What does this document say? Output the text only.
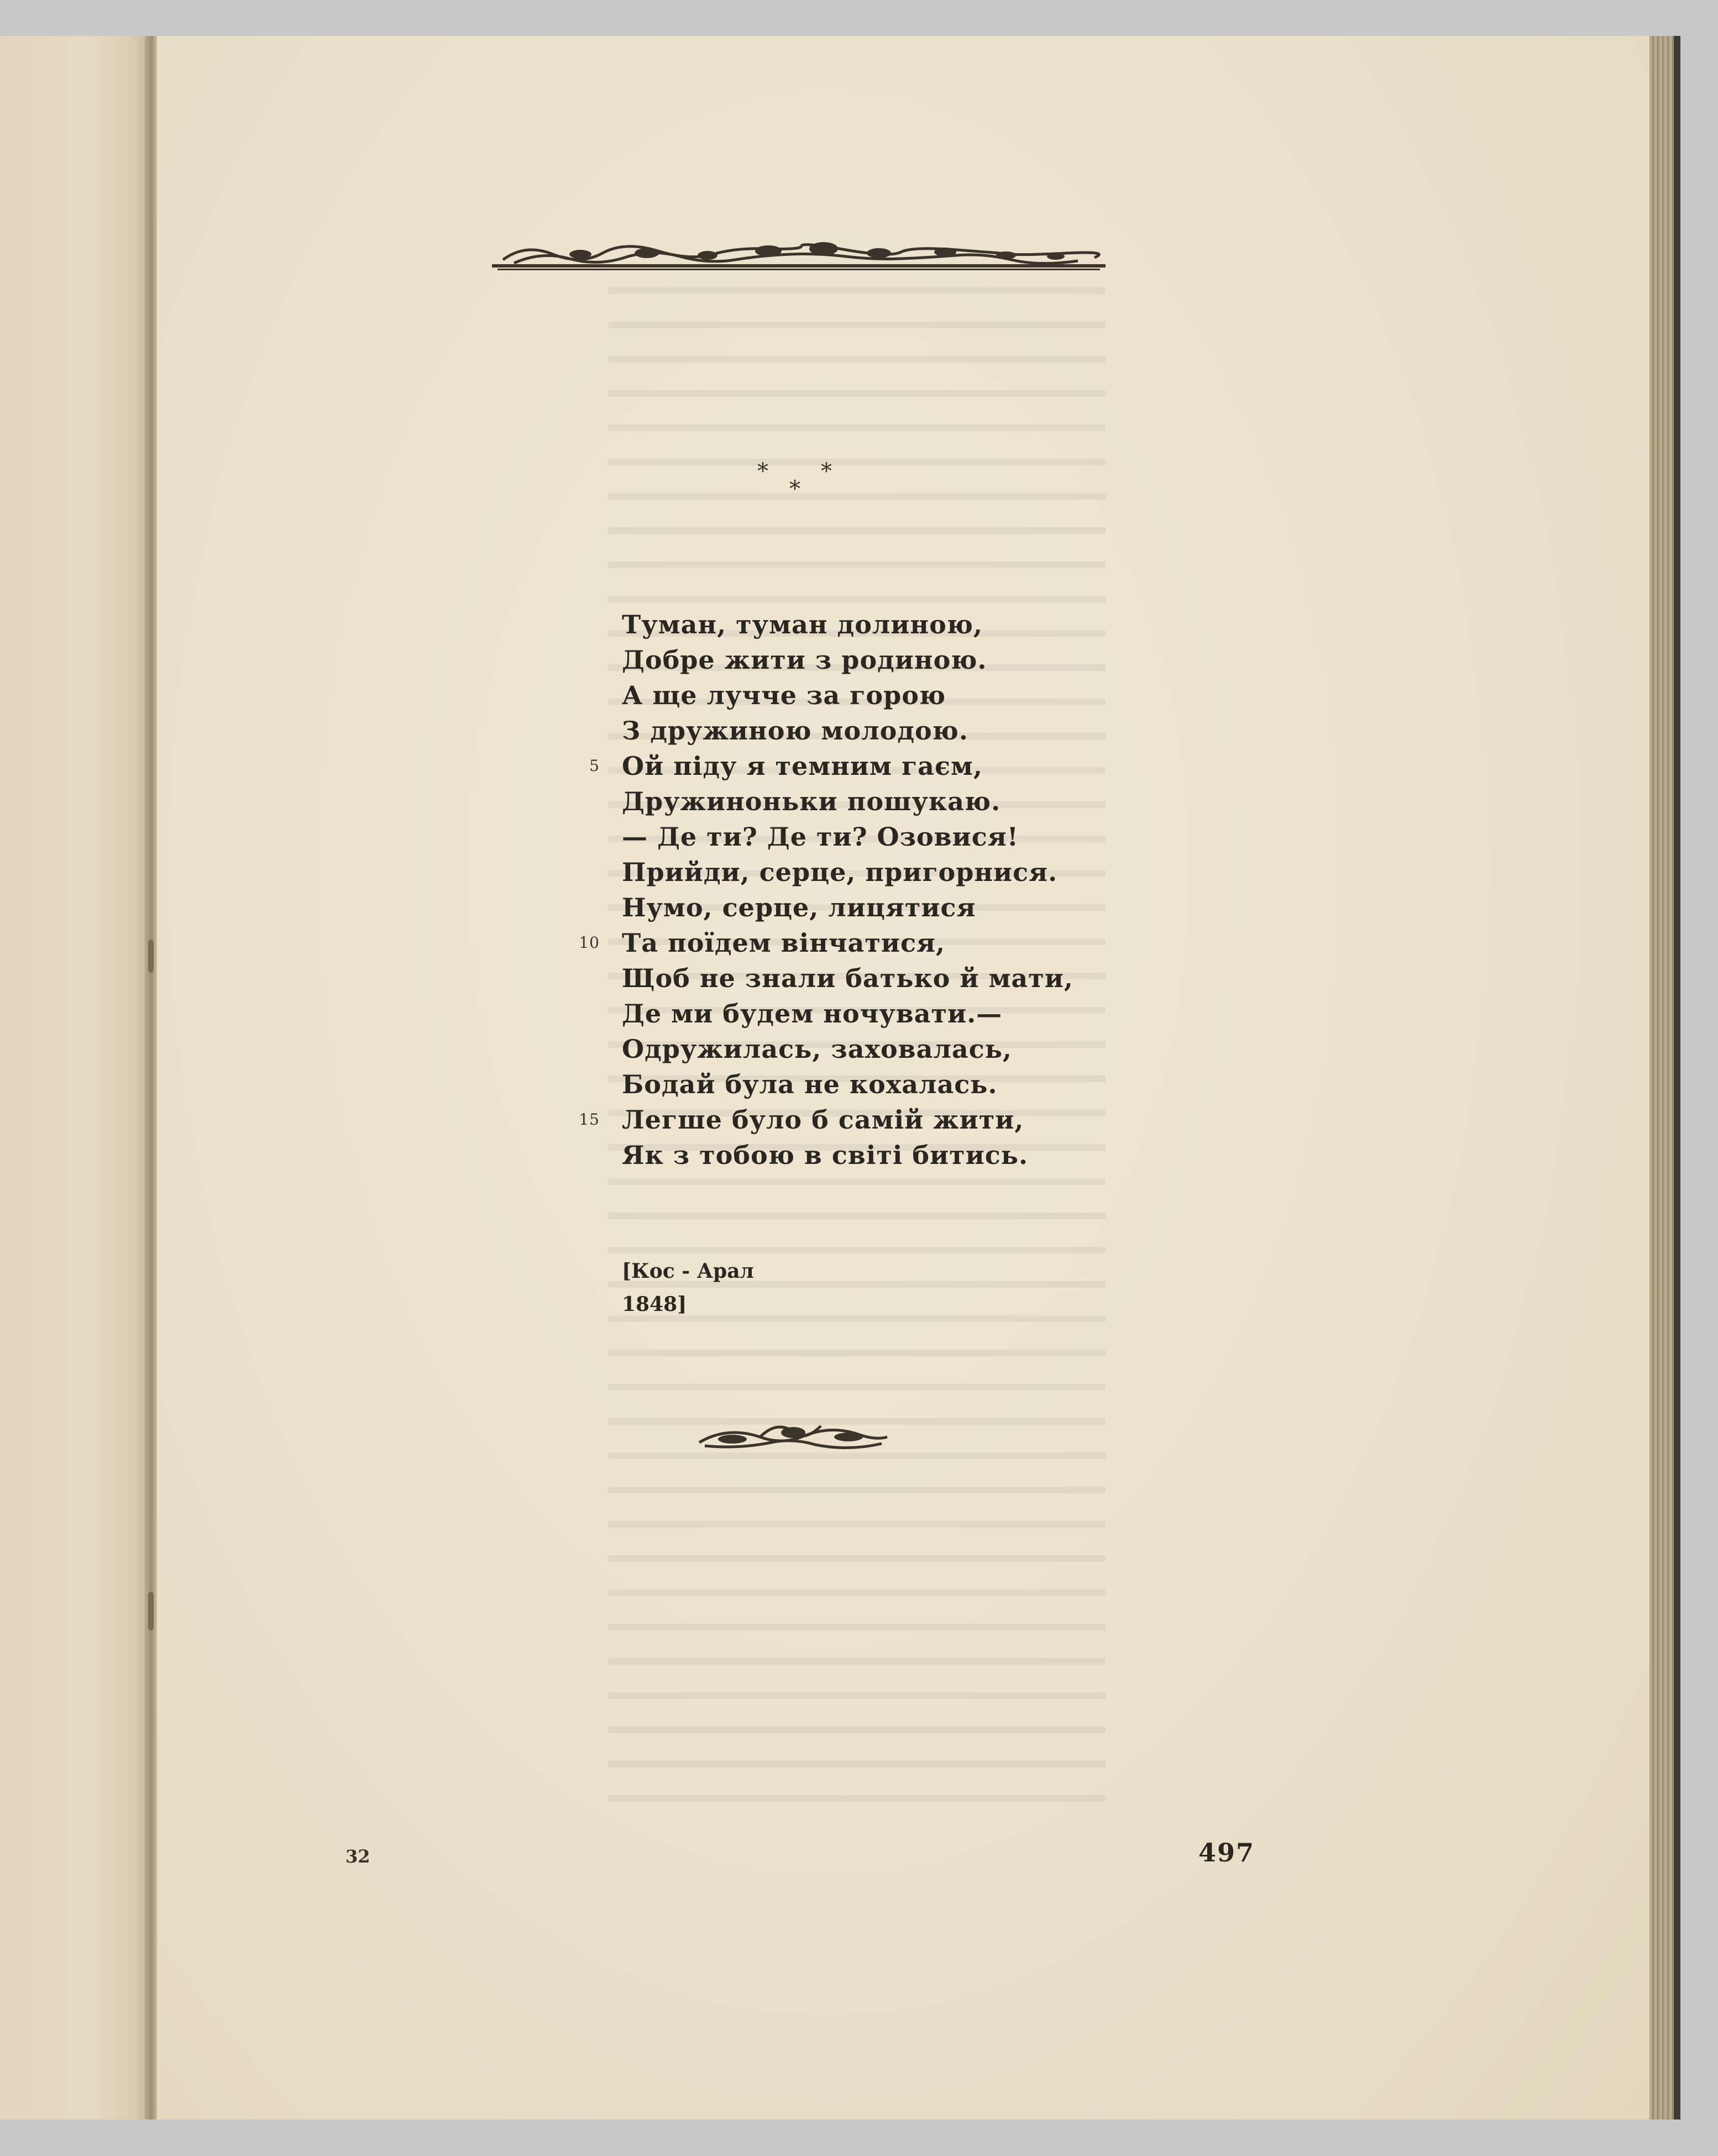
* *
*
Туман, туман долиною,
Добре жити з родиною.
А ще лучче за горою
З дружиною молодою.
5 Ой піду я темним гаєм,
Дружиноньки пошукаю.
— Де ти? Де ти? Озовися!
Прийди, серце, пригорнися.
Нумо, серце, лицятися
10 Та поїдем вінчатися,
Щоб не знали батько й мати,
Де ми будем ночувати.—
Одружилась, заховалась,
Бодай була не кохалась.
15 Легше було б самій жити,
Як з тобою в світі битись.
[Кос - Арал
1848]
32	497
